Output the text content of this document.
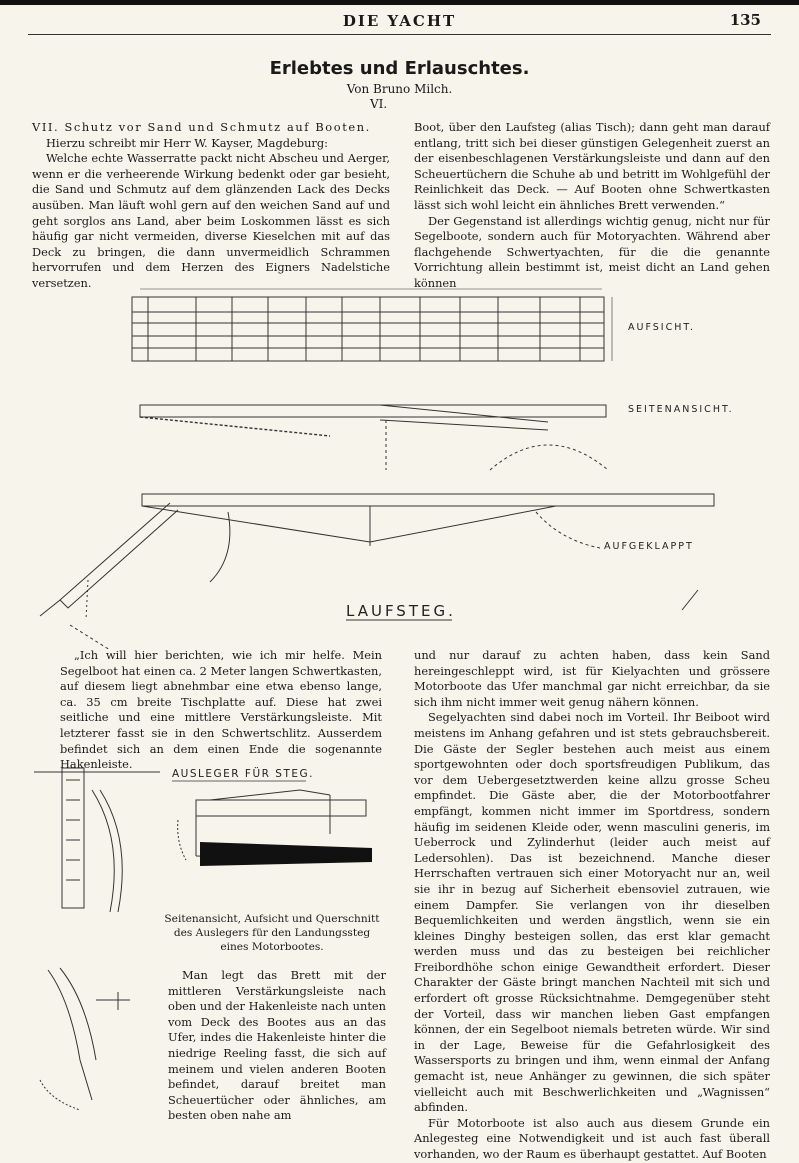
DIE YACHT	135
Erlebtes und Erlauschtes.
Von Bruno Milch.
VI.

VII. Schutz vor Sand und Schmutz auf Booten.

Hierzu schreibt mir Herr W. Kayser, Magdeburg:

Welche echte Wasserratte packt nicht Abscheu und Aerger, wenn er die verheerende Wirkung bedenkt oder gar besieht, die Sand und Schmutz auf dem glänzenden Lack des Decks ausüben. Man läuft wohl gern auf den weichen Sand auf und geht sorglos ans Land, aber beim Loskommen lässt es sich häufig gar nicht vermeiden, diverse Kieselchen mit auf das Deck zu bringen, die dann unvermeidlich Schrammen hervorrufen und dem Herzen des Eigners Nadelstiche versetzen.

Boot, über den Laufsteg (alias Tisch); dann geht man darauf entlang, tritt sich bei dieser günstigen Gelegenheit zuerst an der eisenbeschlagenen Verstärkungsleiste und dann auf den Scheuertüchern die Schuhe ab und betritt im Wohlgefühl der Reinlichkeit das Deck. — Auf Booten ohne Schwertkasten lässt sich wohl leicht ein ähnliches Brett verwenden.“

Der Gegenstand ist allerdings wichtig genug, nicht nur für Segelboote, sondern auch für Motoryachten. Während aber flachgehende Schwertyachten, für die die genannte Vorrichtung allein bestimmt ist, meist dicht an Land gehen können

AUFSICHT.
SEITENANSICHT.
AUFGEKLAPPT
LAUFSTEG.
AUSLEGER FÜR STEG.

„Ich will hier berichten, wie ich mir helfe. Mein Segelboot hat einen ca. 2 Meter langen Schwertkasten, auf diesem liegt abnehmbar eine etwa ebenso lange, ca. 35 cm breite Tischplatte auf. Diese hat zwei seitliche und eine mittlere Verstärkungsleiste. Mit letzterer fasst sie in den Schwertschlitz. Ausserdem befindet sich an dem einen Ende die sogenannte Hakenleiste.

Seitenansicht, Aufsicht und Querschnitt des Auslegers für den Landungssteg eines Motorbootes.

Man legt das Brett mit der mittleren Verstärkungsleiste nach oben und der Hakenleiste nach unten vom Deck des Bootes aus an das Ufer, indes die Hakenleiste hinter die niedrige Reeling fasst, die sich auf meinem und vielen anderen Booten befindet, darauf breitet man Scheuertücher oder ähnliches, am besten oben nahe am

und nur darauf zu achten haben, dass kein Sand hereingeschleppt wird, ist für Kielyachten und grössere Motorboote das Ufer manchmal gar nicht erreichbar, da sie sich ihm nicht immer weit genug nähern können.

Segelyachten sind dabei noch im Vorteil. Ihr Beiboot wird meistens im Anhang gefahren und ist stets gebrauchsbereit. Die Gäste der Segler bestehen auch meist aus einem sportgewohnten oder doch sportsfreudigen Publikum, das vor dem Uebergesetztwerden keine allzu grosse Scheu empfindet. Die Gäste aber, die der Motorbootfahrer empfängt, kommen nicht immer im Sportdress, sondern häufig im seidenen Kleide oder, wenn masculini generis, im Ueberrock und Zylinderhut (leider auch meist auf Ledersohlen). Das ist bezeichnend. Manche dieser Herrschaften vertrauen sich einer Motoryacht nur an, weil sie ihr in bezug auf Sicherheit ebensoviel zutrauen, wie einem Dampfer. Sie verlangen von ihr dieselben Bequemlichkeiten und werden ängstlich, wenn sie ein kleines Dinghy besteigen sollen, das erst klar gemacht werden muss und das zu besteigen bei reichlicher Freibordhöhe schon einige Gewandtheit erfordert. Dieser Charakter der Gäste bringt manchen Nachteil mit sich und erfordert oft grosse Rücksichtnahme. Demgegenüber steht der Vorteil, dass wir manchen lieben Gast empfangen können, der ein Segelboot niemals betreten würde. Wir sind in der Lage, Beweise für die Gefahrlosigkeit des Wassersports zu bringen und ihm, wenn einmal der Anfang gemacht ist, neue Anhänger zu gewinnen, die sich später vielleicht auch mit Beschwerlichkeiten und „Wagnissen“ abfinden.

Für Motorboote ist also auch aus diesem Grunde ein Anlegesteg eine Notwendigkeit und ist auch fast überall vorhanden, wo der Raum es überhaupt gestattet. Auf Booten
